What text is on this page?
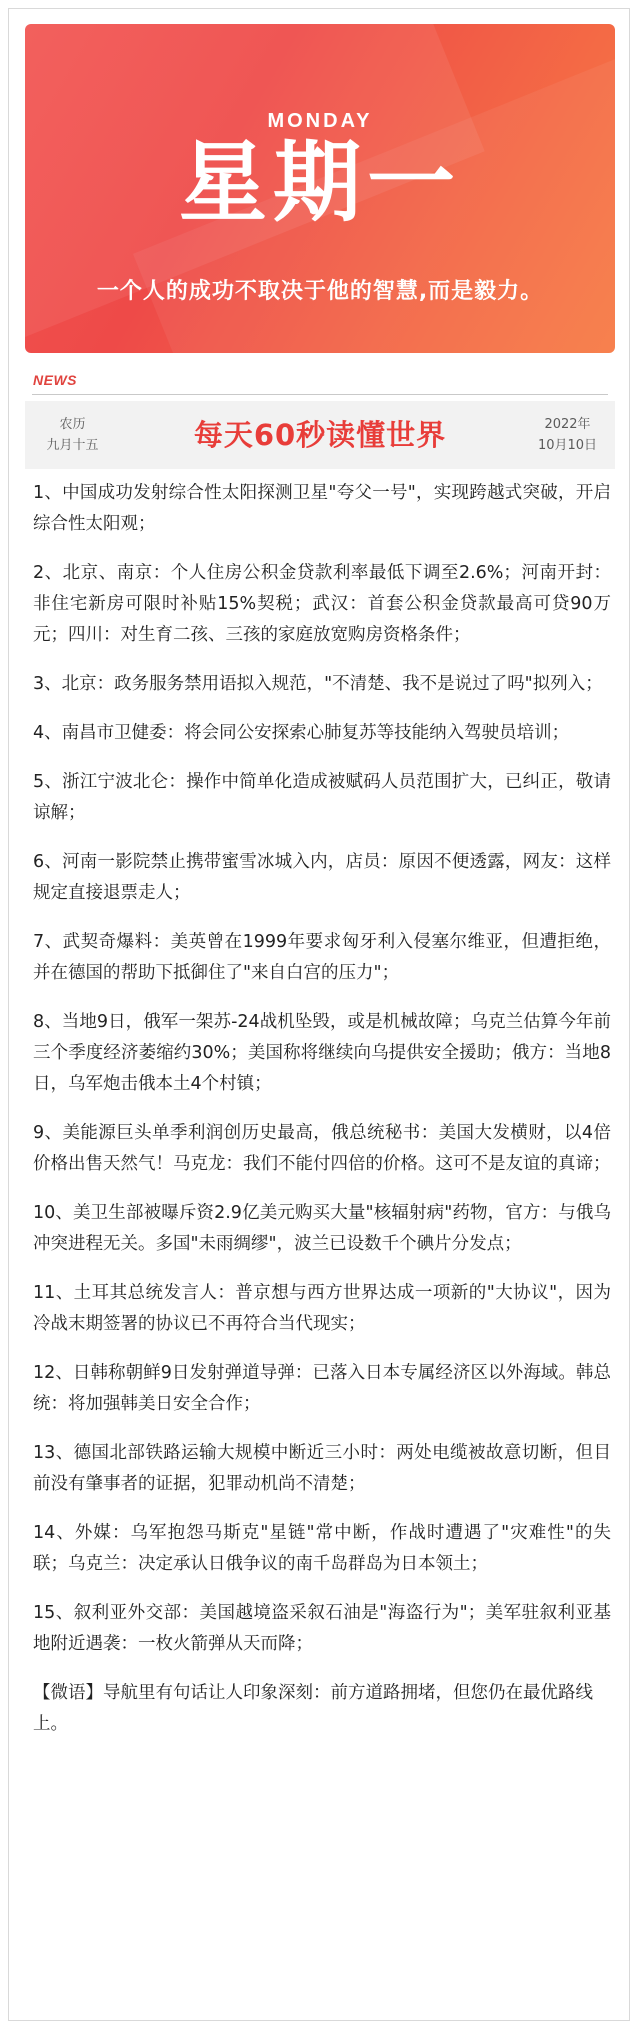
MONDAY
星期一
一个人的成功不取决于他的智慧,而是毅力。
NEWS
农历
九月十五	每天60秒读懂世界	2022年
10月10日

1、中国成功发射综合性太阳探测卫星"夸父一号"，实现跨越式突破，开启综合性太阳观；

2、北京、南京：个人住房公积金贷款利率最低下调至2.6%；河南开封：非住宅新房可限时补贴15%契税；武汉：首套公积金贷款最高可贷90万元；四川：对生育二孩、三孩的家庭放宽购房资格条件；

3、北京：政务服务禁用语拟入规范，"不清楚、我不是说过了吗"拟列入；

4、南昌市卫健委：将会同公安探索心肺复苏等技能纳入驾驶员培训；

5、浙江宁波北仑：操作中简单化造成被赋码人员范围扩大，已纠正，敬请谅解；

6、河南一影院禁止携带蜜雪冰城入内，店员：原因不便透露，网友：这样规定直接退票走人；

7、武契奇爆料：美英曾在1999年要求匈牙利入侵塞尔维亚，但遭拒绝，并在德国的帮助下抵御住了"来自白宫的压力"；

8、当地9日，俄军一架苏-24战机坠毁，或是机械故障；乌克兰估算今年前三个季度经济萎缩约30%；美国称将继续向乌提供安全援助；俄方：当地8日，乌军炮击俄本土4个村镇；

9、美能源巨头单季利润创历史最高，俄总统秘书：美国大发横财，以4倍价格出售天然气！马克龙：我们不能付四倍的价格。这可不是友谊的真谛；

10、美卫生部被曝斥资2.9亿美元购买大量"核辐射病"药物，官方：与俄乌冲突进程无关。多国"未雨绸缪"，波兰已设数千个碘片分发点；

11、土耳其总统发言人：普京想与西方世界达成一项新的"大协议"，因为冷战末期签署的协议已不再符合当代现实；

12、日韩称朝鲜9日发射弹道导弹：已落入日本专属经济区以外海域。韩总统：将加强韩美日安全合作；

13、德国北部铁路运输大规模中断近三小时：两处电缆被故意切断，但目前没有肇事者的证据，犯罪动机尚不清楚；

14、外媒：乌军抱怨马斯克"星链"常中断，作战时遭遇了"灾难性"的失联；乌克兰：决定承认日俄争议的南千岛群岛为日本领土；

15、叙利亚外交部：美国越境盗采叙石油是"海盗行为"；美军驻叙利亚基地附近遇袭：一枚火箭弹从天而降；

【微语】导航里有句话让人印象深刻：前方道路拥堵，但您仍在最优路线上。
